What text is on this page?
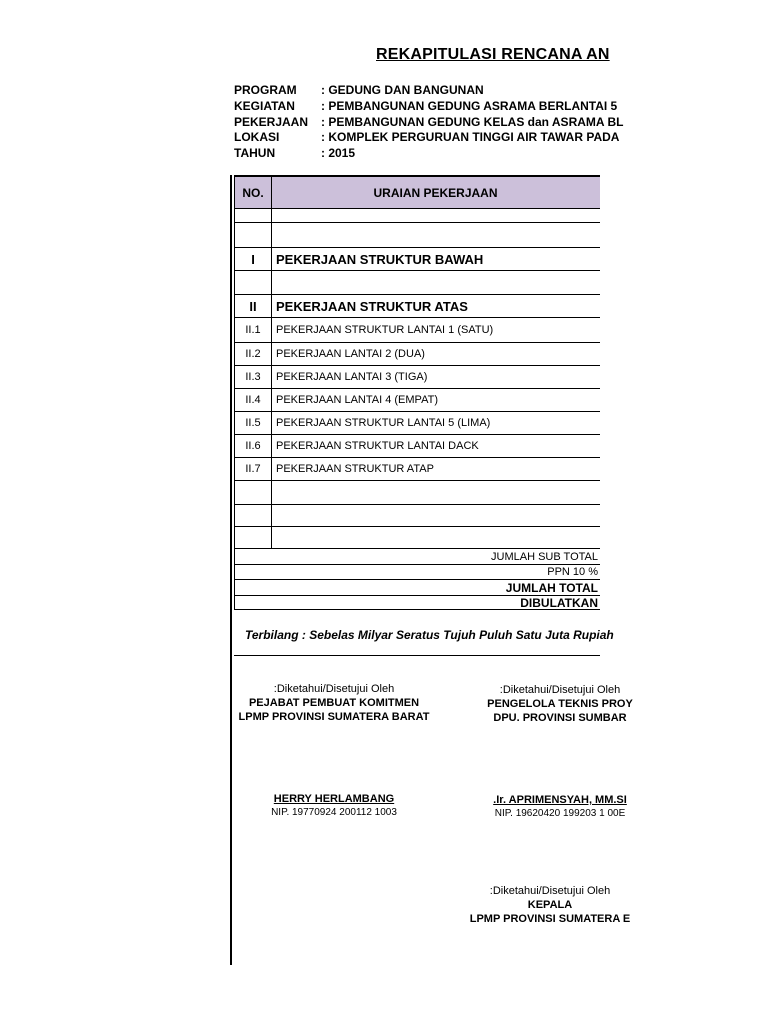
REKAPITULASI RENCANA AN
PROGRAM : GEDUNG DAN BANGUNAN
KEGIATAN : PEMBANGUNAN GEDUNG ASRAMA BERLANTAI 5
PEKERJAAN : PEMBANGUNAN GEDUNG KELAS dan ASRAMA BL
LOKASI	: KOMPLEK PERGURUAN TINGGI AIR TAWAR PADA
TAHUN	: 2015
NO.	URAIAN PEKERJAAN
I	PEKERJAAN STRUKTUR BAWAH
II	PEKERJAAN STRUKTUR ATAS
II.1	PEKERJAAN STRUKTUR LANTAI 1 (SATU)
II.2	PEKERJAAN LANTAI 2 (DUA)
II.3	PEKERJAAN LANTAI 3 (TIGA)
II.4	PEKERJAAN LANTAI 4 (EMPAT)
II.5	PEKERJAAN STRUKTUR LANTAI 5 (LIMA)
II.6	PEKERJAAN STRUKTUR LANTAI DACK
II.7	PEKERJAAN STRUKTUR ATAP
JUMLAH SUB TOTAL
PPN 10 %
JUMLAH TOTAL
DIBULATKAN
Terbilang : Sebelas Milyar Seratus Tujuh Puluh Satu Juta Rupiah
:Diketahui/Disetujui Oleh
PEJABAT PEMBUAT KOMITMEN
LPMP PROVINSI SUMATERA BARAT
HERRY HERLAMBANG
NIP. 19770924 200112 1003
:Diketahui/Disetujui Oleh
PENGELOLA TEKNIS PROY
DPU. PROVINSI SUMBAR
.Ir. APRIMENSYAH, MM.SI
NIP. 19620420 199203 1 00E
:Diketahui/Disetujui Oleh
KEPALA
LPMP PROVINSI SUMATERA E
